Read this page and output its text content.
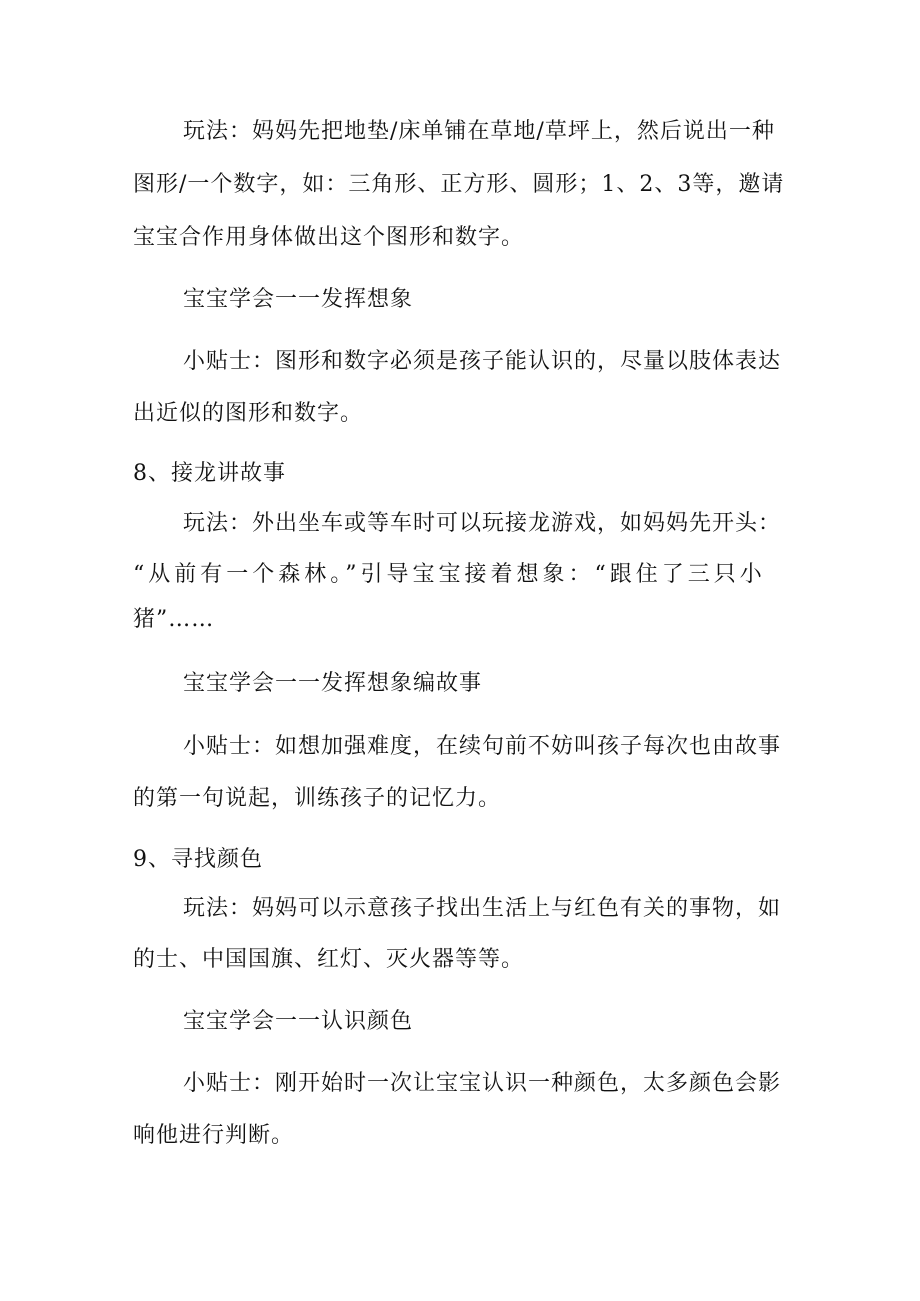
玩法：妈妈先把地垫/床单铺在草地/草坪上，然后说出一种
图形/一个数字，如：三角形、正方形、圆形；1、2、3等，邀请
宝宝合作用身体做出这个图形和数字。
宝宝学会一一发挥想象
小贴士：图形和数字必须是孩子能认识的，尽量以肢体表达
出近似的图形和数字。
8、接龙讲故事
玩法：外出坐车或等车时可以玩接龙游戏，如妈妈先开头：
“从前有一个森林。”引导宝宝接着想象：“跟住了三只小
猪”……
宝宝学会一一发挥想象编故事
小贴士：如想加强难度，在续句前不妨叫孩子每次也由故事
的第一句说起，训练孩子的记忆力。
9、寻找颜色
玩法：妈妈可以示意孩子找出生活上与红色有关的事物，如
的士、中国国旗、红灯、灭火器等等。
宝宝学会一一认识颜色
小贴士：刚开始时一次让宝宝认识一种颜色，太多颜色会影
响他进行判断。
